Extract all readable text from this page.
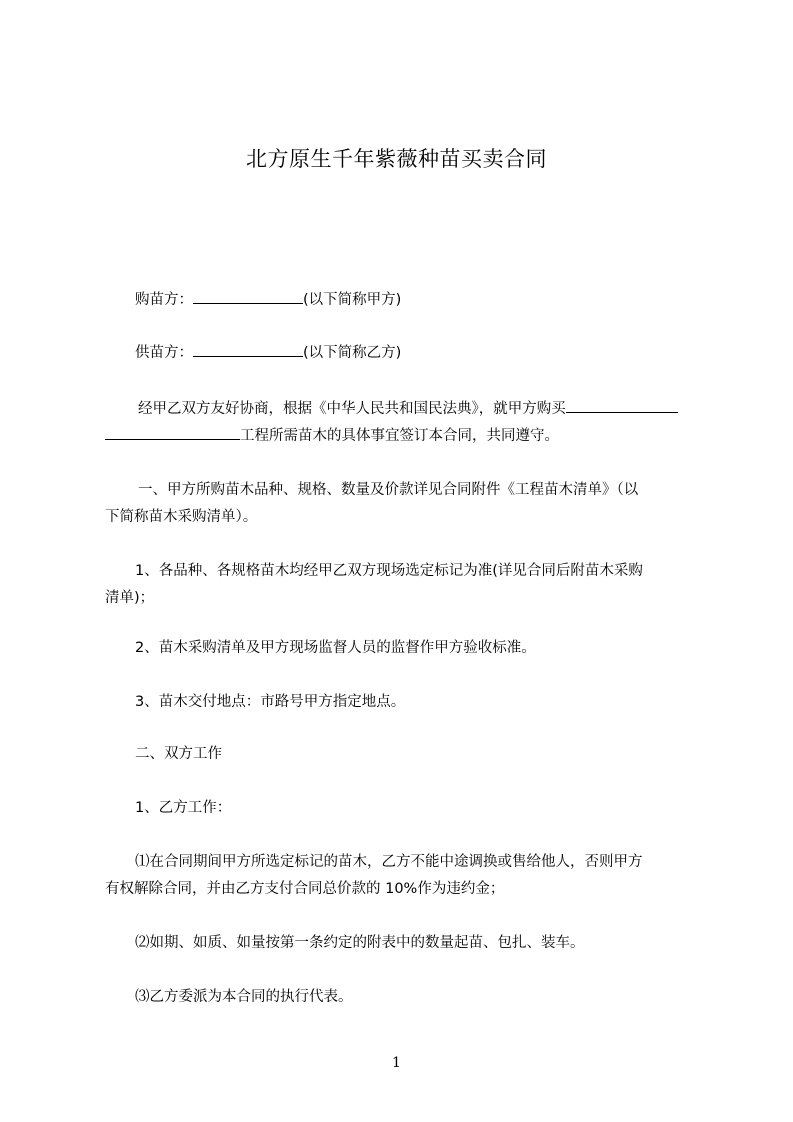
北方原生千年紫薇种苗买卖合同

购苗方：	(以下简称甲方)

供苗方：	(以下简称乙方)

经甲乙双方友好协商，根据《中华人民共和国民法典》，就甲方购买

工程所需苗木的具体事宜签订本合同，共同遵守。

一、甲方所购苗木品种、规格、数量及价款详见合同附件《工程苗木清单》（以

下简称苗木采购清单）。

1、各品种、各规格苗木均经甲乙双方现场选定标记为准(详见合同后附苗木采购

清单)；

2、苗木采购清单及甲方现场监督人员的监督作甲方验收标准。

3、苗木交付地点：市路号甲方指定地点。

二、双方工作

1、乙方工作：

⑴在合同期间甲方所选定标记的苗木，乙方不能中途调换或售给他人，否则甲方

有权解除合同，并由乙方支付合同总价款的 10%作为违约金；

⑵如期、如质、如量按第一条约定的附表中的数量起苗、包扎、装车。

⑶乙方委派为本合同的执行代表。

1
